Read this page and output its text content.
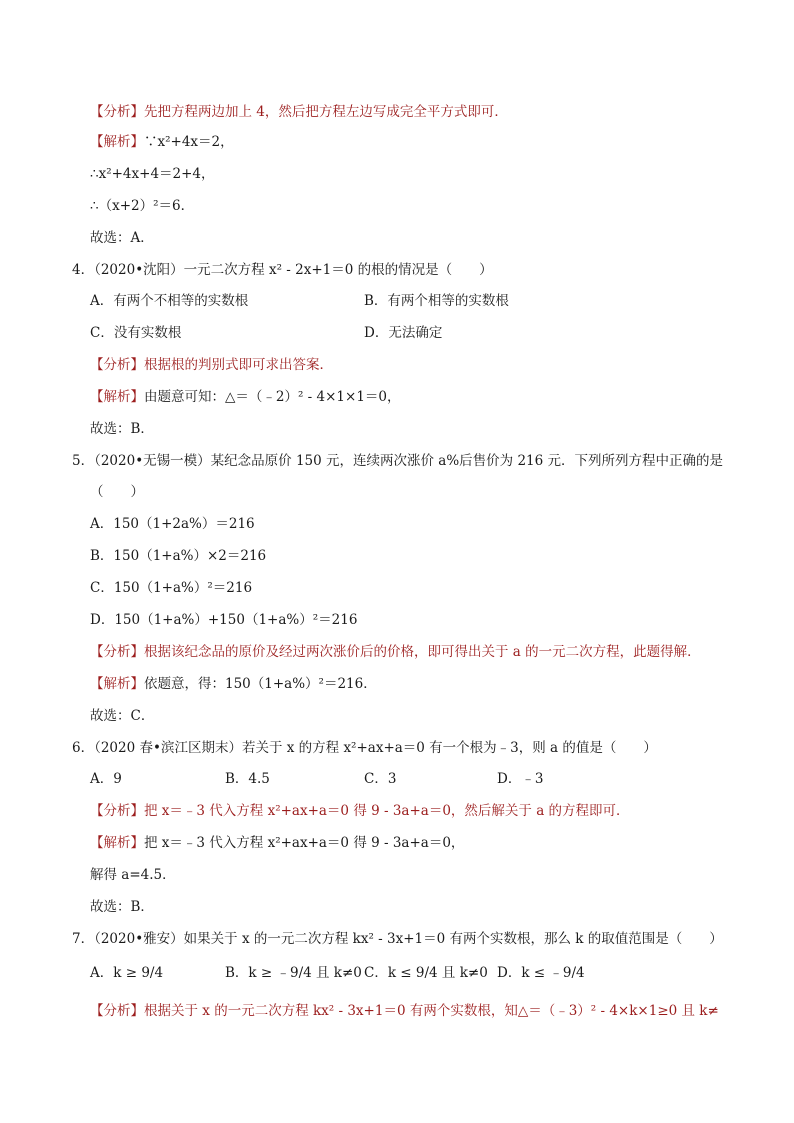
【分析】先把方程两边加上 4，然后把方程左边写成完全平方式即可．
【解析】∵x²+4x＝2，
∴x²+4x+4＝2+4，
∴（x+2）²＝6．
故选：A．
4．（2020•沈阳）一元二次方程 x² - 2x+1＝0 的根的情况是（　　）
A．有两个不相等的实数根	B．有两个相等的实数根
C．没有实数根	D．无法确定
【分析】根据根的判别式即可求出答案．
【解析】由题意可知：△＝（﹣2）² - 4×1×1＝0，
故选：B．
5．（2020•无锡一模）某纪念品原价 150 元，连续两次涨价 a%后售价为 216 元．下列所列方程中正确的是
（　　）
A．150（1+2a%）＝216
B．150（1+a%）×2＝216
C．150（1+a%）²＝216
D．150（1+a%）+150（1+a%）²＝216
【分析】根据该纪念品的原价及经过两次涨价后的价格，即可得出关于 a 的一元二次方程，此题得解．
【解析】依题意，得：150（1+a%）²＝216．
故选：C．
6．（2020 春•滨江区期末）若关于 x 的方程 x²+ax+a＝0 有一个根为﹣3，则 a 的值是（　　）
A．9	B．4.5	C．3	D．﹣3
【分析】把 x＝﹣3 代入方程 x²+ax+a＝0 得 9 - 3a+a＝0，然后解关于 a 的方程即可．
【解析】把 x＝﹣3 代入方程 x²+ax+a＝0 得 9 - 3a+a＝0，
解得 a=4.5．
故选：B．
7．（2020•雅安）如果关于 x 的一元二次方程 kx² - 3x+1＝0 有两个实数根，那么 k 的取值范围是（　　）
A．k ≥ 9/4	B．k ≥ ﹣9/4 且 k≠0 C．k ≤ 9/4 且 k≠0 D．k ≤ ﹣9/4
【分析】根据关于 x 的一元二次方程 kx² - 3x+1＝0 有两个实数根，知△＝（﹣3）² - 4×k×1≥0 且 k≠
